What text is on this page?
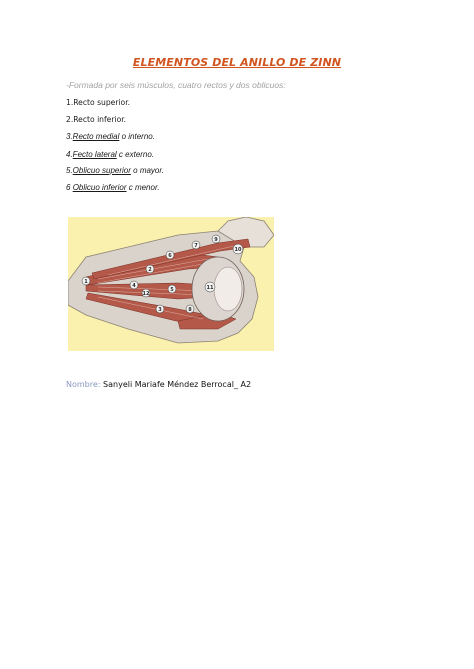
ELEMENTOS DEL ANILLO DE ZINN
-Formada por seis músculos, cuatro rectos y dos oblicuos:
1.Recto superior.
2.Recto inferior.
3.Recto medial o interno.
4.Fecto lateral c externo.
5.Oblicuo superior o mayor.
6 Oblicuo inferior c menor.
1
2
3
4
5
6
7
8
9
10
11
12
Nombre: Sanyeli Mariafe Méndez Berrocal_ A2
